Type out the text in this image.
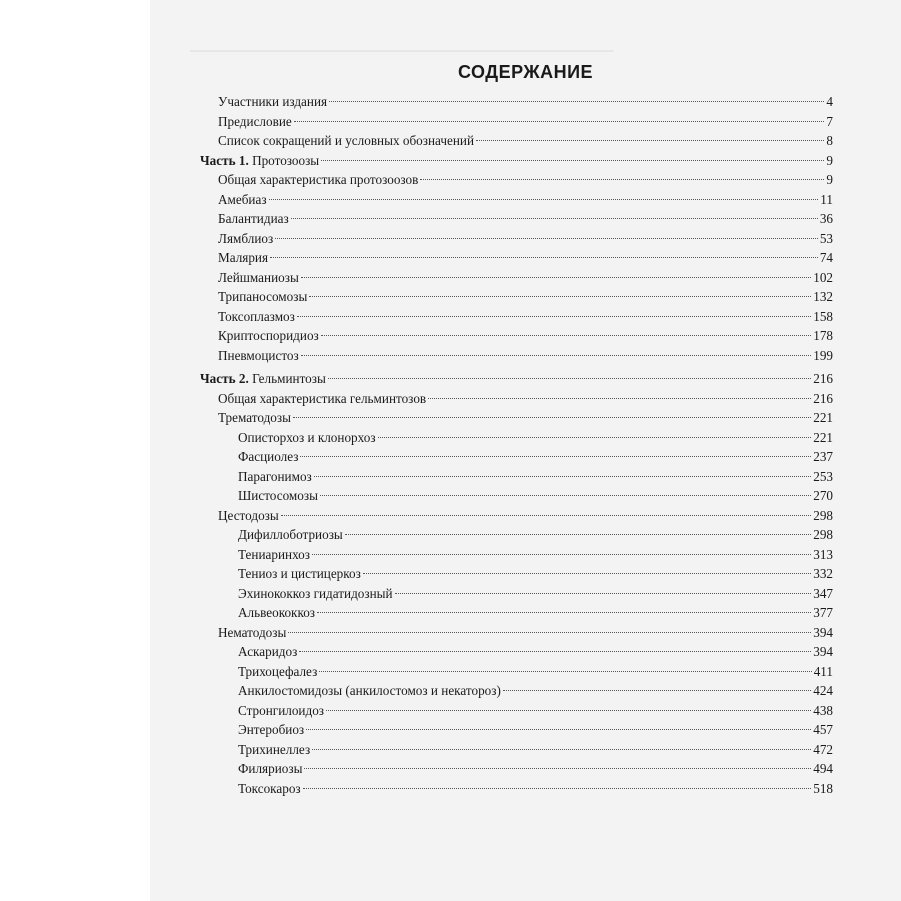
──────────────────────────────────────────────
СОДЕРЖАНИЕ
Участники издания	4
Предисловие	7
Список сокращений и условных обозначений	8
Часть 1. Протозоозы	9
Общая характеристика протозоозов	9
Амебиаз	11
Балантидиаз	36
Лямблиоз	53
Малярия	74
Лейшманиозы	102
Трипаносомозы	132
Токсоплазмоз	158
Криптоспоридиоз	178
Пневмоцистоз	199
Часть 2. Гельминтозы	216
Общая характеристика гельминтозов	216
Трематодозы	221
Описторхоз и клонорхоз	221
Фасциолез	237
Парагонимоз	253
Шистосомозы	270
Цестодозы	298
Дифиллоботриозы	298
Тениаринхоз	313
Тениоз и цистицеркоз	332
Эхинококкоз гидатидозный	347
Альвеококкоз	377
Нематодозы	394
Аскаридоз	394
Трихоцефалез	411
Анкилостомидозы (анкилостомоз и некатороз)	424
Стронгилоидоз	438
Энтеробиоз	457
Трихинеллез	472
Филяриозы	494
Токсокароз	518
